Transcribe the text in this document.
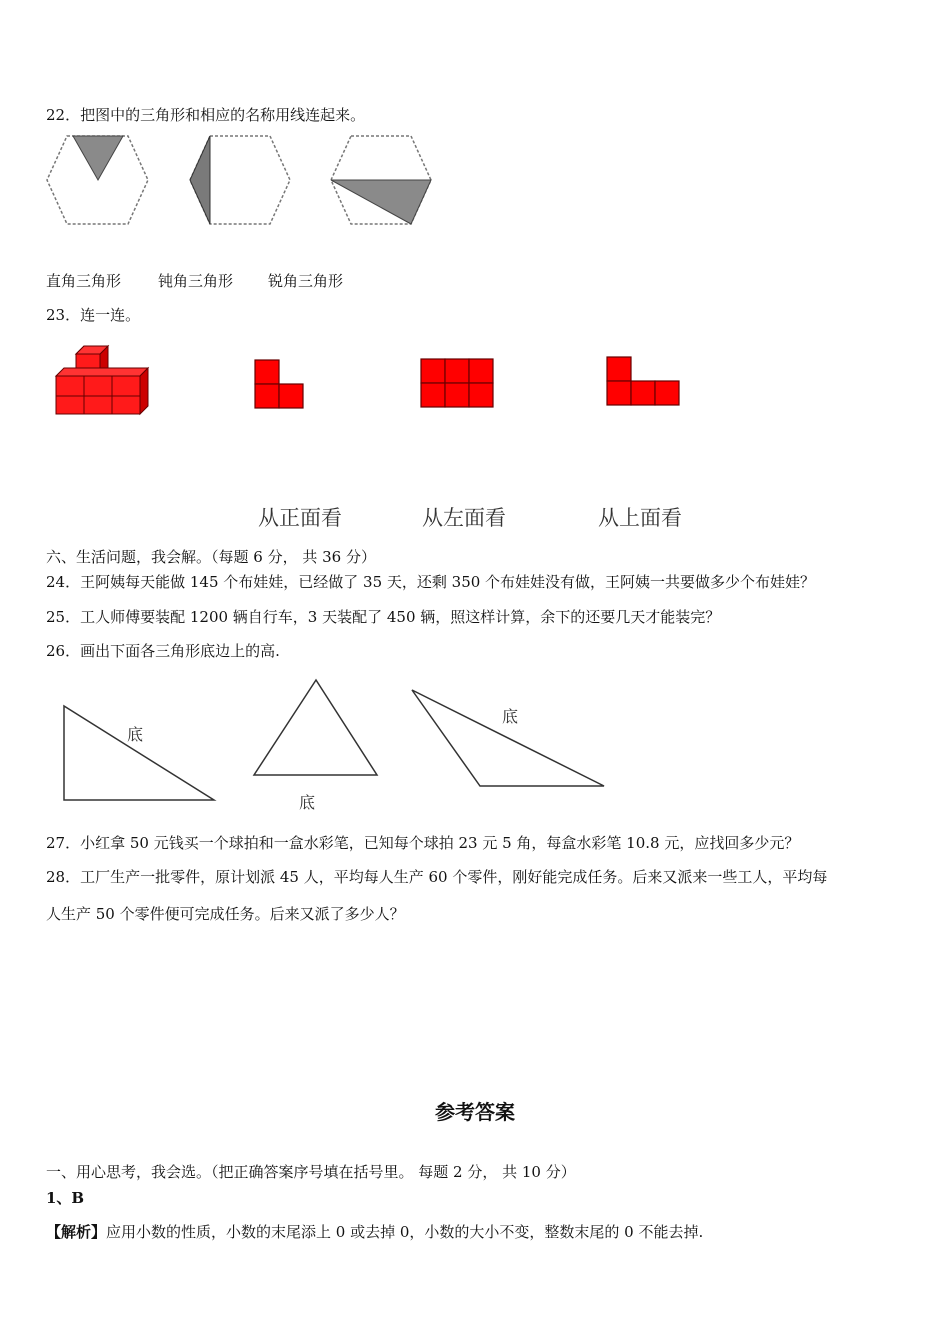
22．把图中的三角形和相应的名称用线连起来。
直角三角形 钝角三角形 锐角三角形
23．连一连。
从正面看	从左面看	从上面看
六、生活问题，我会解。（每题 6 分， 共 36 分）
24．王阿姨每天能做 145 个布娃娃，已经做了 35 天，还剩 350 个布娃娃没有做，王阿姨一共要做多少个布娃娃？
25．工人师傅要装配 1200 辆自行车，3 天装配了 450 辆，照这样计算，余下的还要几天才能装完？
26．画出下面各三角形底边上的高.
底
底
底
27．小红拿 50 元钱买一个球拍和一盒水彩笔，已知每个球拍 23 元 5 角，每盒水彩笔 10.8 元，应找回多少元？
28．工厂生产一批零件，原计划派 45 人，平均每人生产 60 个零件，刚好能完成任务。后来又派来一些工人，平均每
人生产 50 个零件便可完成任务。后来又派了多少人？
参考答案
一、用心思考，我会选。（把正确答案序号填在括号里。 每题 2 分， 共 10 分）
1、B
【解析】应用小数的性质，小数的末尾添上 0 或去掉 0，小数的大小不变，整数末尾的 0 不能去掉.
